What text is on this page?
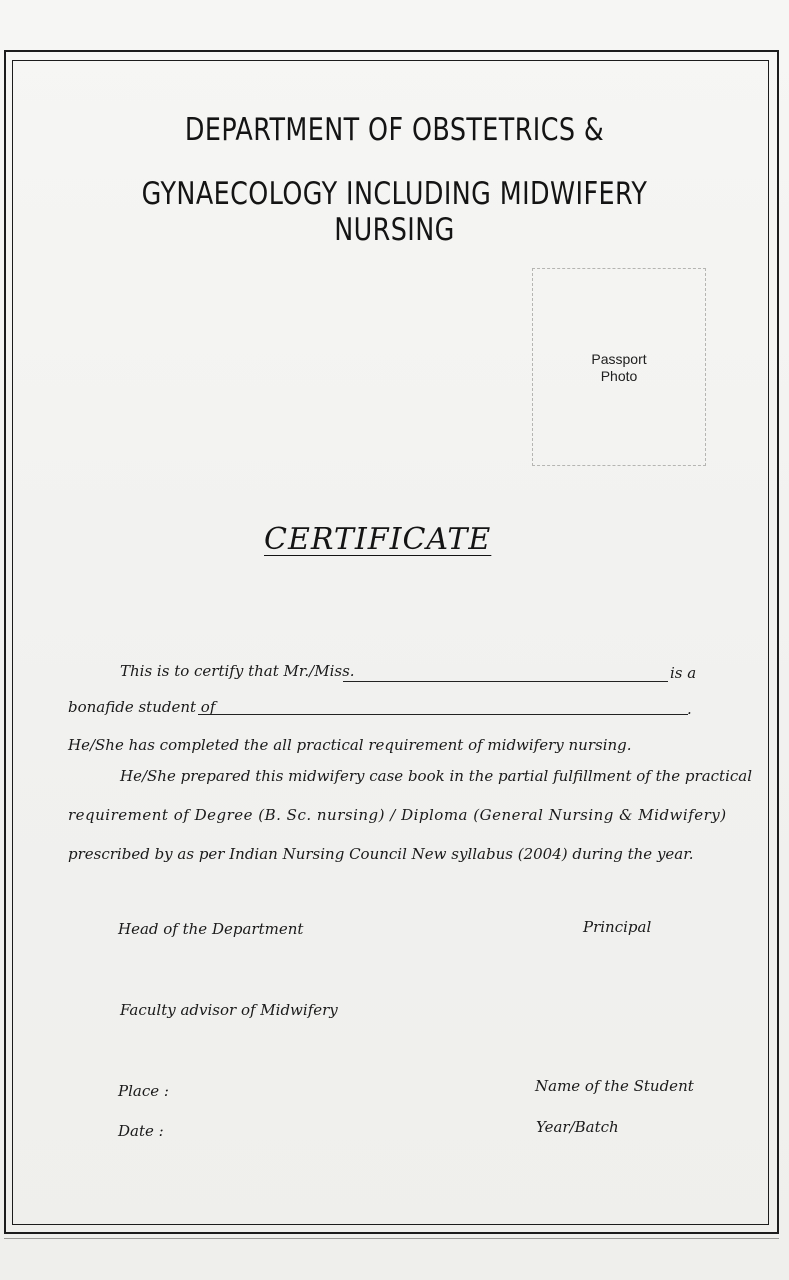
DEPARTMENT OF OBSTETRICS &
GYNAECOLOGY INCLUDING MIDWIFERY NURSING
Passport
Photo
CERTIFICATE
This is to certify that Mr./Miss.	is a
bonafide student of	.
He/She has completed the all practical requirement of midwifery nursing.
He/She prepared this midwifery case book in the partial fulfillment of the practical
requirement of Degree (B. Sc. nursing) / Diploma (General Nursing & Midwifery)
prescribed by as per Indian Nursing Council New syllabus (2004) during the year.
Head of the Department	Principal
Faculty advisor of Midwifery
Place :	Name of the Student
Date :	Year/Batch
